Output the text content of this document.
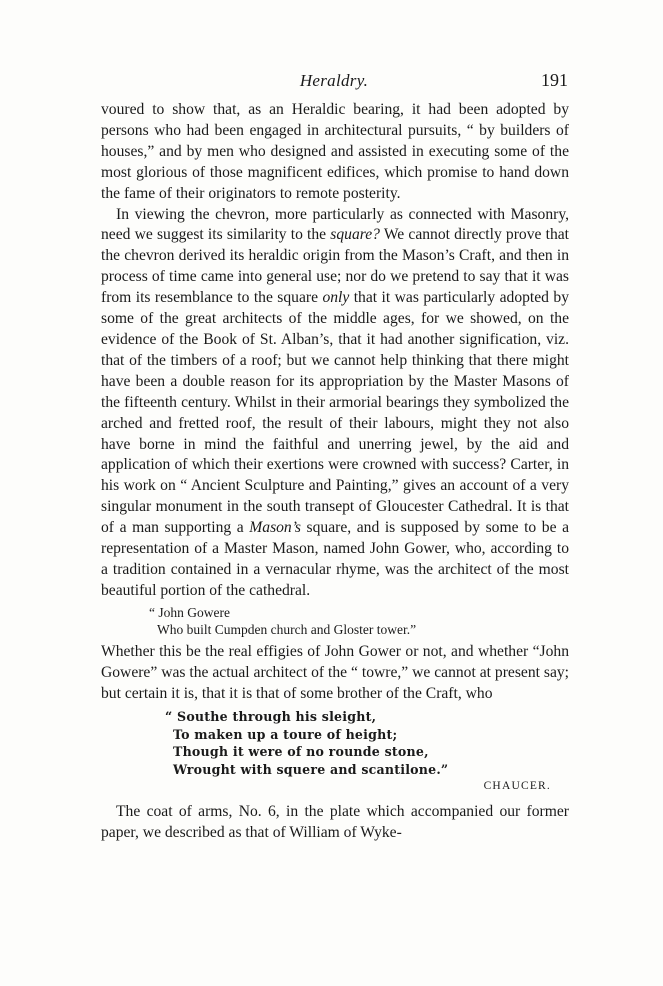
Heraldry.	191

voured to show that, as an Heraldic bearing, it had been adopted by persons who had been engaged in architectural pursuits, “ by builders of houses,” and by men who designed and assisted in executing some of the most glorious of those magnificent edifices, which promise to hand down the fame of their originators to remote posterity.

In viewing the chevron, more particularly as connected with Masonry, need we suggest its similarity to the square? We cannot directly prove that the chevron derived its heraldic origin from the Mason’s Craft, and then in process of time came into general use; nor do we pretend to say that it was from its resemblance to the square only that it was particularly adopted by some of the great architects of the middle ages, for we showed, on the evidence of the Book of St. Alban’s, that it had another signification, viz. that of the timbers of a roof; but we cannot help thinking that there might have been a double reason for its appropriation by the Master Masons of the fifteenth century. Whilst in their armorial bearings they symbolized the arched and fretted roof, the result of their labours, might they not also have borne in mind the faithful and unerring jewel, by the aid and application of which their exertions were crowned with success? Carter, in his work on “ Ancient Sculpture and Painting,” gives an account of a very singular monument in the south transept of Gloucester Cathedral. It is that of a man supporting a Mason’s square, and is supposed by some to be a representation of a Master Mason, named John Gower, who, according to a tradition contained in a vernacular rhyme, was the architect of the most beautiful portion of the cathedral.

“ John Gowere
Who built Cumpden church and Gloster tower.”

Whether this be the real effigies of John Gower or not, and whether “John Gowere” was the actual architect of the “ towre,” we cannot at present say; but certain it is, that it is that of some brother of the Craft, who

“ Southe through his sleight,
To maken up a toure of height;
Though it were of no rounde stone,
Wrought with squere and scantilone.”
CHAUCER.

The coat of arms, No. 6, in the plate which accompanied our former paper, we described as that of William of Wyke-
